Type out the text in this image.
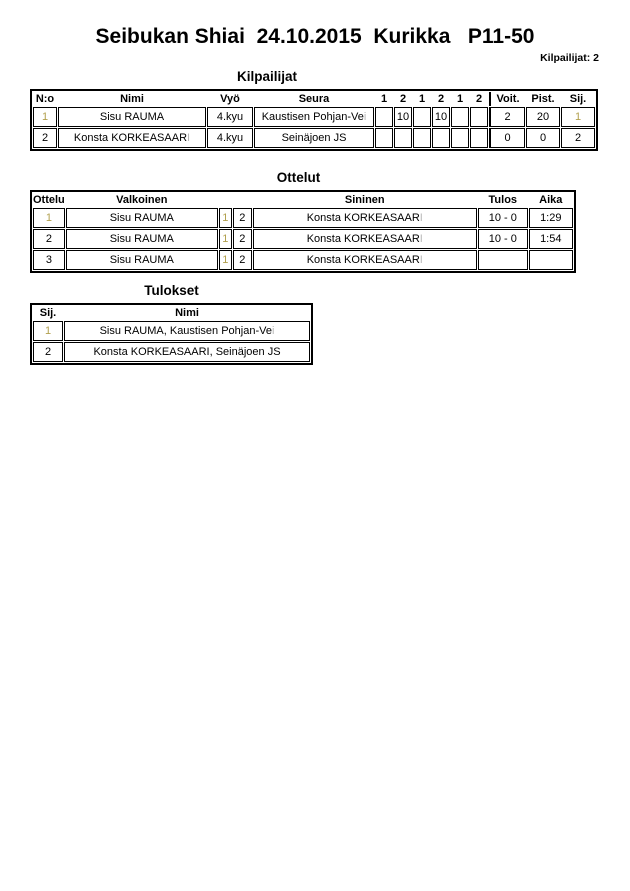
Seibukan Shiai  24.10.2015  Kurikka   P11-50
Kilpailijat: 2
Kilpailijat
N:o	Nimi	Vyö	Seura	1	2	1	2	1	2	Voit.	Pist.	Sij.
1	Sisu RAUMA	4.kyu	Kaustisen Pohjan-Vei		10		10			2	20	1
2	Konsta KORKEASAARI	4.kyu	Seinäjoen JS							0	0	2
Ottelut
Ottelu	Valkoinen			Sininen	Tulos	Aika
1	Sisu RAUMA	1	2	Konsta KORKEASAARI	10 - 0	1:29
2	Sisu RAUMA	1	2	Konsta KORKEASAARI	10 - 0	1:54
3	Sisu RAUMA	1	2	Konsta KORKEASAARI		
Tulokset
Sij.	Nimi
1	Sisu RAUMA, Kaustisen Pohjan-Vei
2	Konsta KORKEASAARI, Seinäjoen JS
